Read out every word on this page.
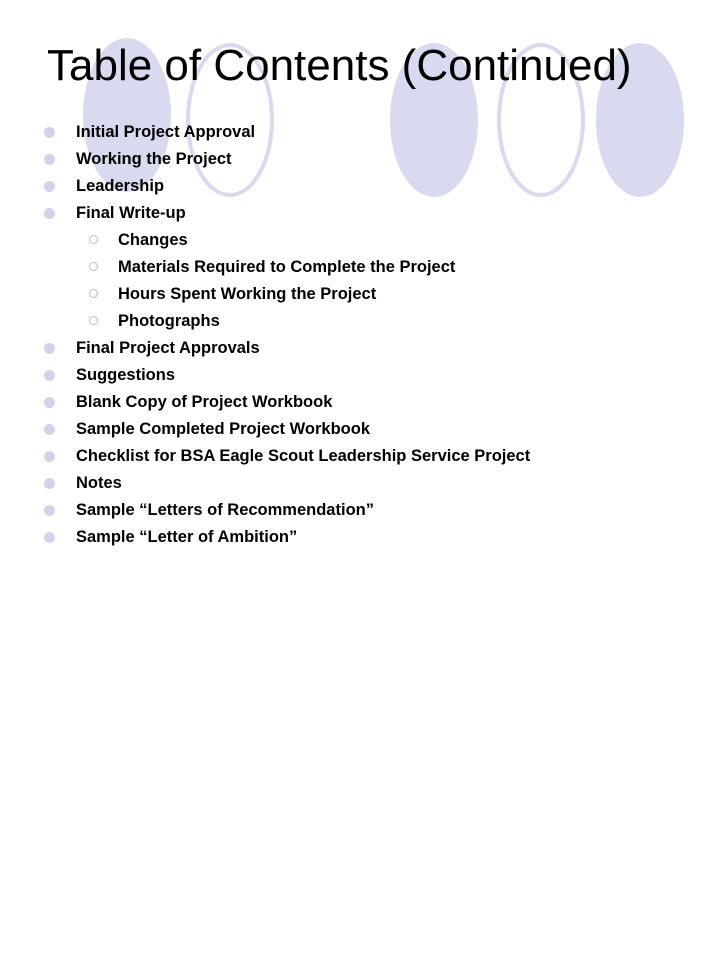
Table of Contents (Continued)
Initial Project Approval
Working the Project
Leadership
Final Write-up
Changes
Materials Required to Complete the Project
Hours Spent Working the Project
Photographs
Final Project Approvals
Suggestions
Blank Copy of Project Workbook
Sample Completed Project Workbook
Checklist for BSA Eagle Scout Leadership Service Project
Notes
Sample “Letters of Recommendation”
Sample “Letter of Ambition”
